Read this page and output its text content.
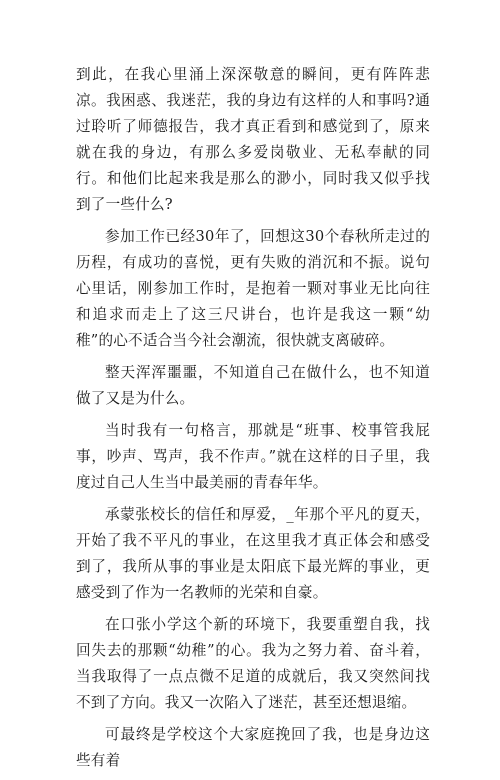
到此，在我心里涌上深深敬意的瞬间，更有阵阵悲凉。我困惑、我迷茫，我的身边有这样的人和事吗?通过聆听了师德报告，我才真正看到和感觉到了，原来就在我的身边，有那么多爱岗敬业、无私奉献的同行。和他们比起来我是那么的渺小，同时我又似乎找到了一些什么?

参加工作已经30年了，回想这30个春秋所走过的历程，有成功的喜悦，更有失败的消沉和不振。说句心里话，刚参加工作时，是抱着一颗对事业无比向往和追求而走上了这三尺讲台，也许是我这一颗“幼稚”的心不适合当今社会潮流，很快就支离破碎。

整天浑浑噩噩，不知道自己在做什么，也不知道做了又是为什么。

当时我有一句格言，那就是“班事、校事管我屁事，吵声、骂声，我不作声。”就在这样的日子里，我度过自己人生当中最美丽的青春年华。

承蒙张校长的信任和厚爱，_年那个平凡的夏天，开始了我不平凡的事业，在这里我才真正体会和感受到了，我所从事的事业是太阳底下最光辉的事业，更感受到了作为一名教师的光荣和自豪。

在口张小学这个新的环境下，我要重塑自我，找回失去的那颗“幼稚”的心。我为之努力着、奋斗着，当我取得了一点点微不足道的成就后，我又突然间找不到了方向。我又一次陷入了迷茫，甚至还想退缩。

可最终是学校这个大家庭挽回了我，也是身边这些有着
